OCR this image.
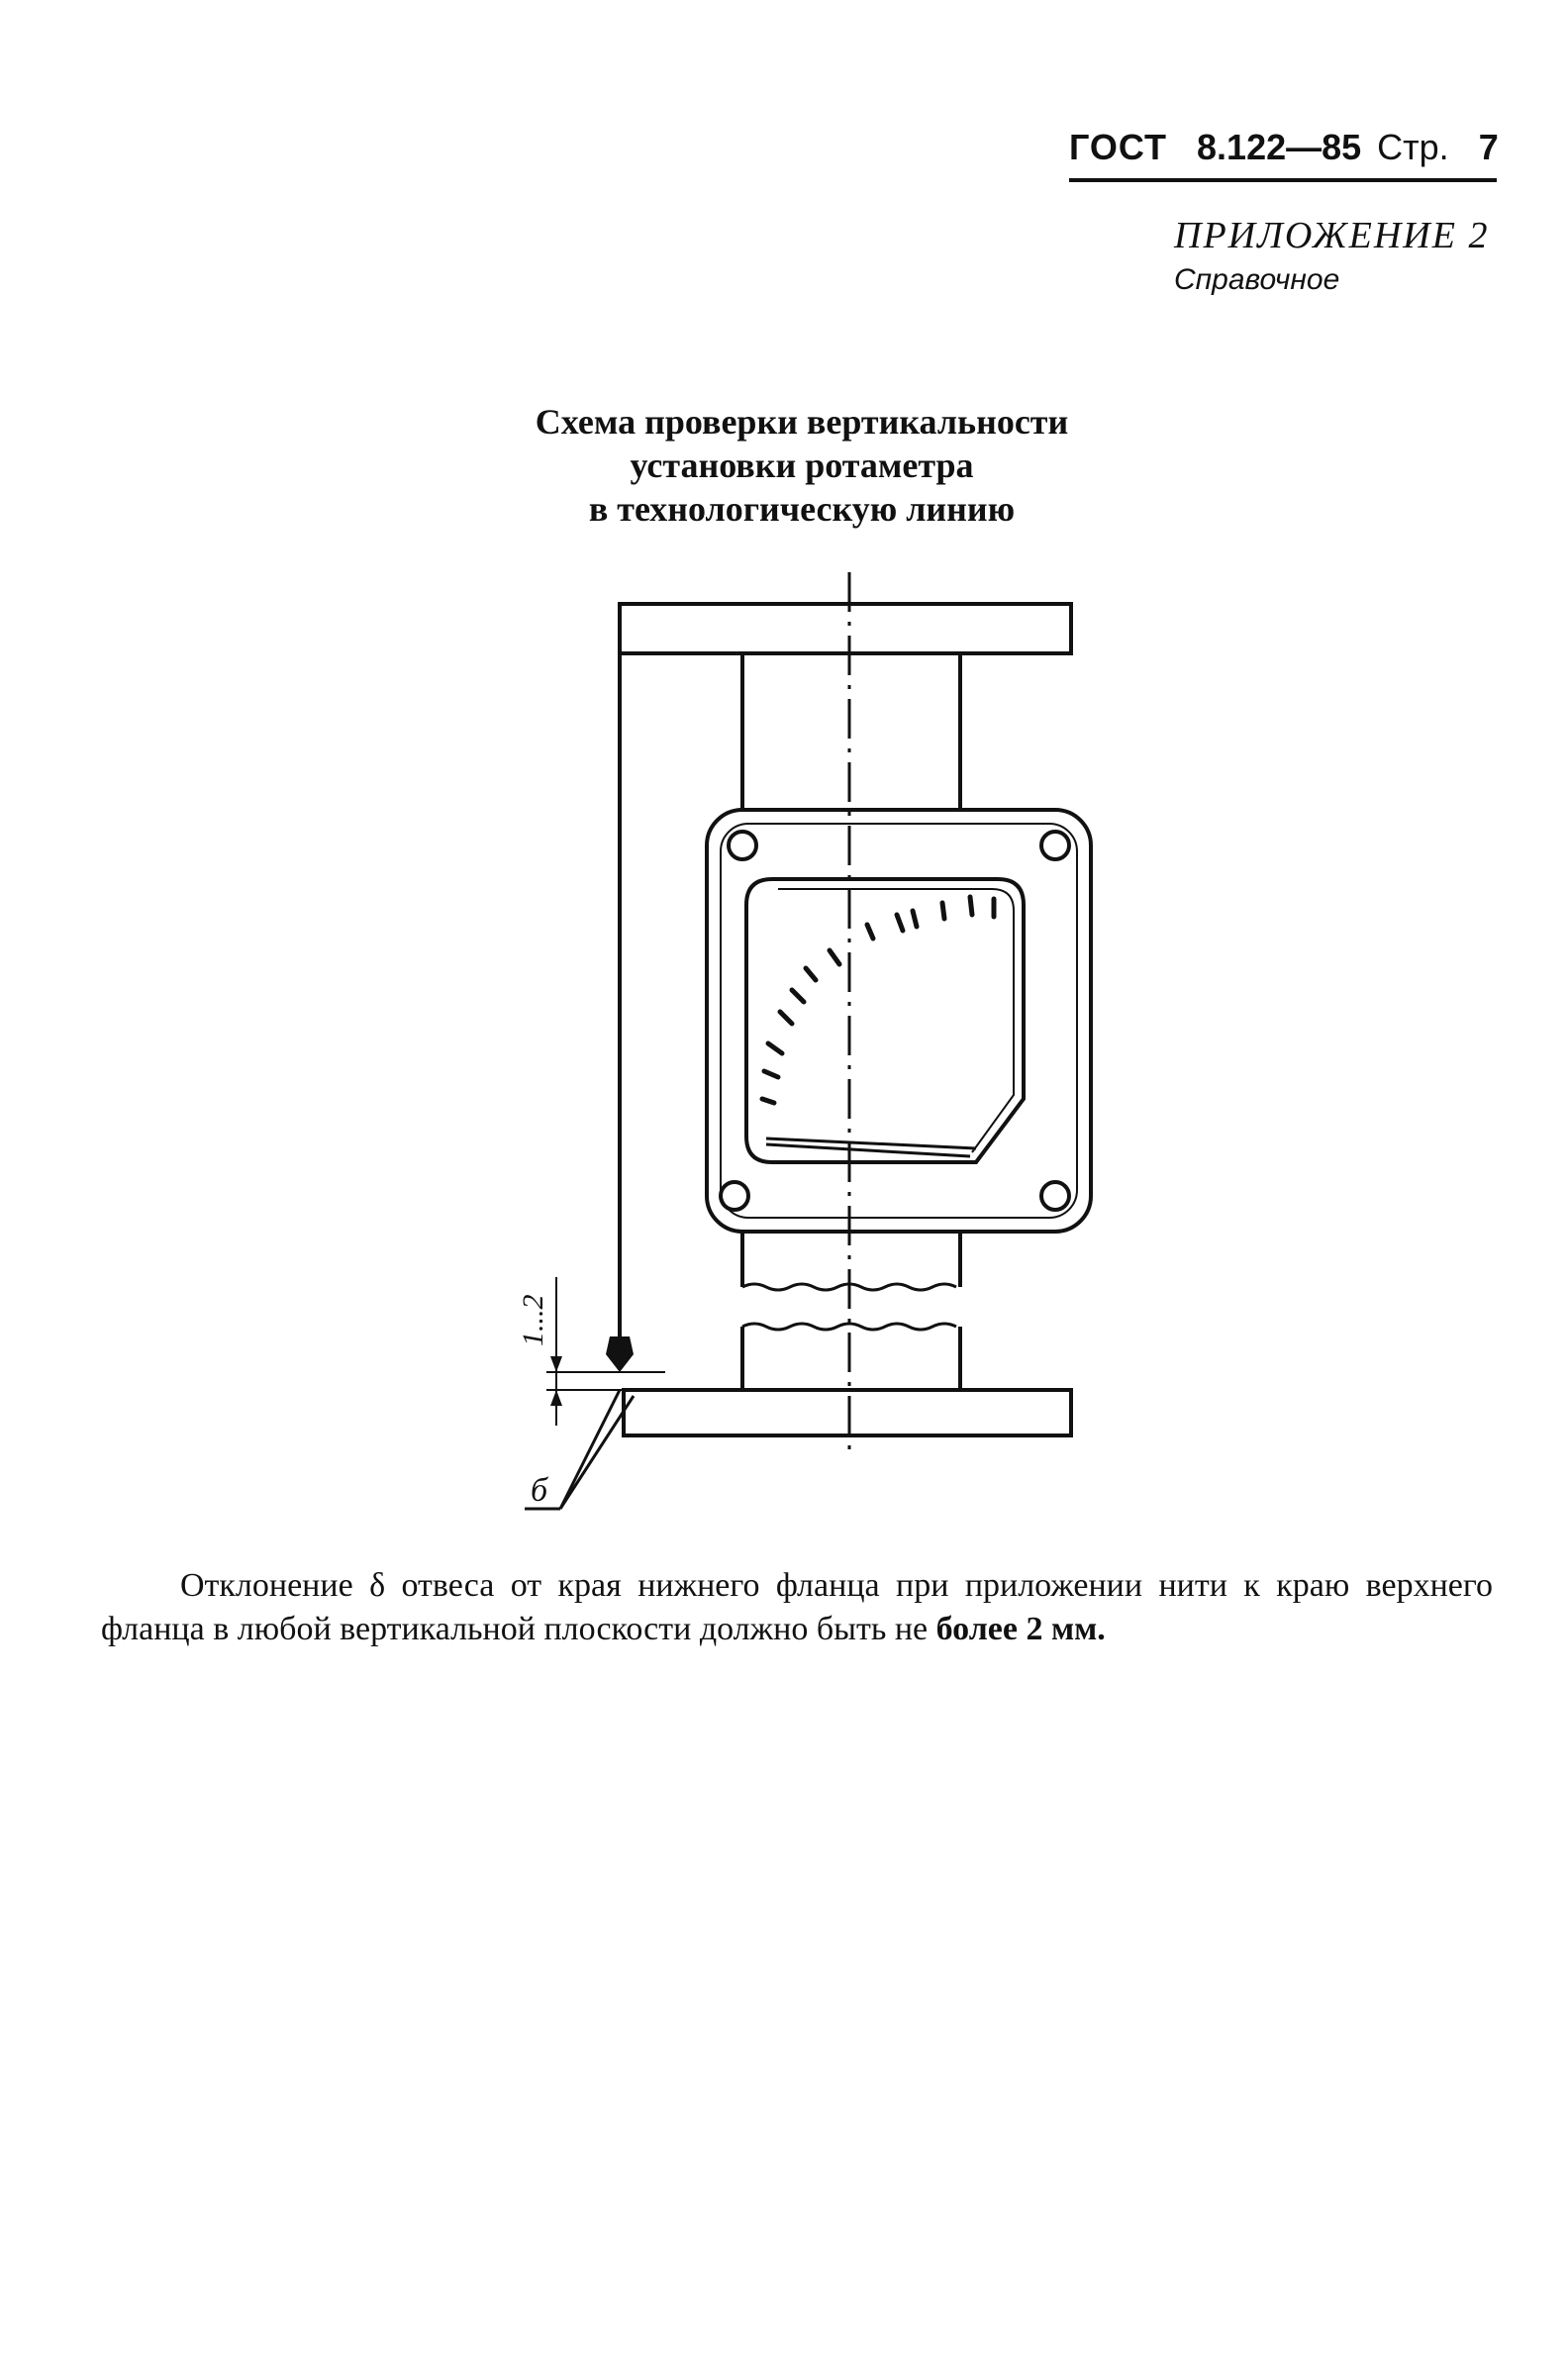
ГОСТ 8.122—85 Стр. 7
ПРИЛОЖЕНИЕ 2
Справочное
Схема проверки вертикальности
установки ротаметра
в технологическую линию
1...2
б
Отклонение δ отвеса от края нижнего фланца при приложении нити к краю верхнего фланца в любой вертикальной плоскости должно быть не более 2 мм.
